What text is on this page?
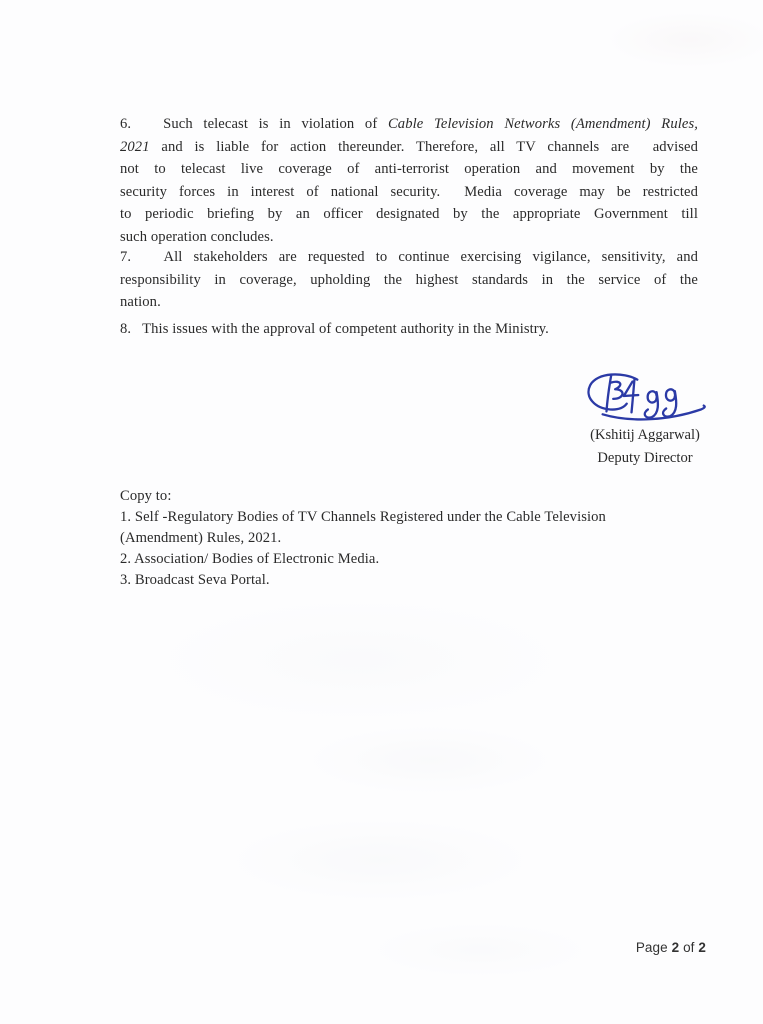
6.   Such telecast is in violation of Cable Television Networks (Amendment) Rules,
2021 and is liable for action thereunder. Therefore, all TV channels are  advised
not to telecast live coverage of anti-terrorist operation and movement by the
security forces in interest of national security.  Media coverage may be restricted
to periodic briefing by an officer designated by the appropriate Government till
such operation concludes.
7.   All stakeholders are requested to continue exercising vigilance, sensitivity, and
responsibility in coverage, upholding the highest standards in the service of the
nation.
8.   This issues with the approval of competent authority in the Ministry.
(Kshitij Aggarwal)
Deputy Director
Copy to:
1. Self -Regulatory Bodies of TV Channels Registered under the Cable Television
(Amendment) Rules, 2021.
2. Association/ Bodies of Electronic Media.
3. Broadcast Seva Portal.
Page 2 of 2
